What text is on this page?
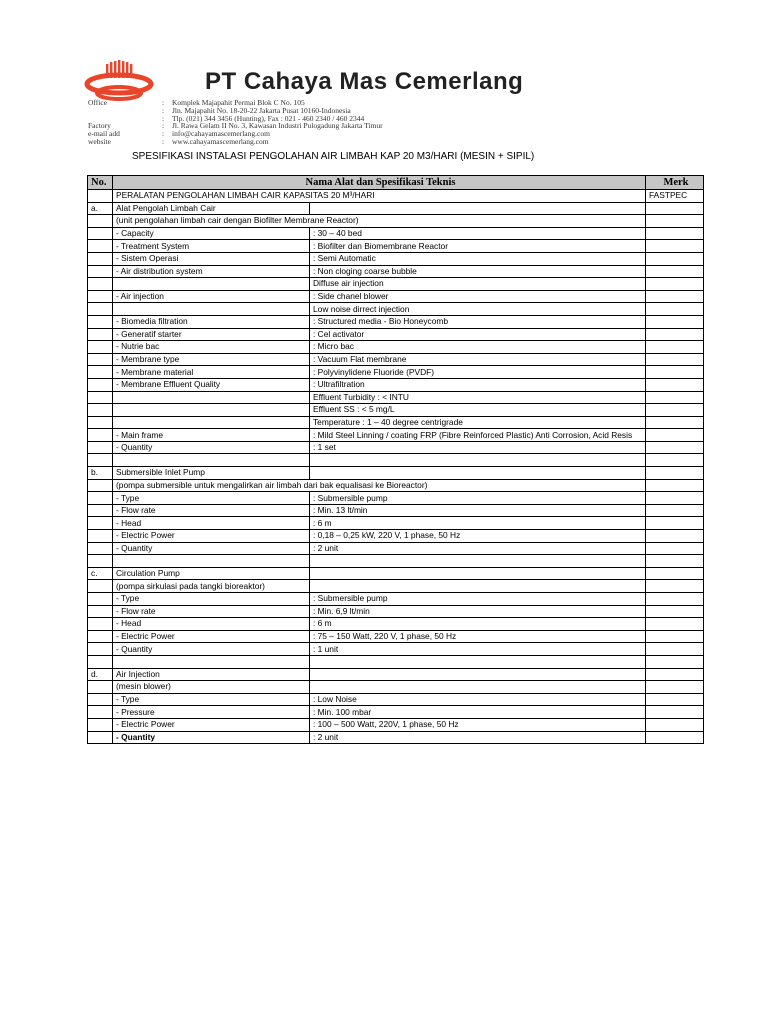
PT Cahaya Mas Cemerlang
Office	:	Komplek Majapahit Permai Blok C No. 105
:	Jln. Majapahit No. 18-20-22 Jakarta Pusat 10160-Indonesia
:	Tlp. (021) 344 3456 (Hunting), Fax : 021 - 460 2340 / 460 2344
Factory	:	Jl. Rawa Gelam II No. 3, Kawasan Industri Pulogadung Jakarta Timur
e-mail add	:	info@cahayamascemerlang.com
website	:	www.cahayamascemerlang.com
SPESIFIKASI INSTALASI PENGOLAHAN AIR LIMBAH KAP 20 M3/HARI (MESIN + SIPIL)
No.	Nama Alat dan Spesifikasi Teknis		Merk
	PERALATAN PENGOLAHAN LIMBAH CAIR KAPASITAS 20 M³/HARI		FASTPEC
a.	Alat Pengolah Limbah Cair		
	(unit pengolahan limbah cair dengan Biofilter Membrane Reactor)		
	- Capacity	: 30 – 40 bed	
	- Treatment System	: Biofilter dan Biomembrane Reactor	
	- Sistem Operasi	: Semi Automatic	
	- Air distribution system	: Non cloging coarse bubble	
		Diffuse air injection	
	- Air injection	: Side chanel blower	
		Low noise dirrect injection	
	- Biomedia filtration	: Structured media - Bio Honeycomb	
	- Generatif starter	: Cel activator	
	- Nutrie bac	: Micro bac	
	- Membrane type	: Vacuum Flat membrane	
	- Membrane material	: Polyvinylidene Fluoride (PVDF)	
	- Membrane Effluent Quality	: Ultrafiltration	
		Effluent Turbidity : < INTU	
		Effluent SS : < 5 mg/L	
		Temperature : 1 – 40 degree centrigrade	
	- Main frame	: Mild Steel Linning / coating FRP (Fibre Reinforced Plastic) Anti Corrosion, Acid Resis	
	- Quantity	: 1 set	

b.	Submersible Inlet Pump		
	(pompa submersible untuk mengalirkan air limbah dari bak equalisasi ke Bioreactor)		
	- Type	: Submersible pump	
	- Flow rate	: Min. 13 lt/min	
	- Head	: 6 m	
	- Electric Power	: 0,18 – 0,25 kW, 220 V, 1 phase, 50 Hz	
	- Quantity	: 2 unit	

c.	Circulation Pump		
	(pompa sirkulasi pada tangki bioreaktor)		
	- Type	: Submersible pump	
	- Flow rate	: Min. 6,9 lt/min	
	- Head	: 6 m	
	- Electric Power	: 75 – 150 Watt, 220 V, 1 phase, 50 Hz	
	- Quantity	: 1 unit	

d.	Air Injection		
	(mesin blower)		
	- Type	: Low Noise	
	- Pressure	: Min. 100 mbar	
	- Electric Power	: 100 – 500 Watt, 220V, 1 phase, 50 Hz	
	- Quantity	: 2 unit	
